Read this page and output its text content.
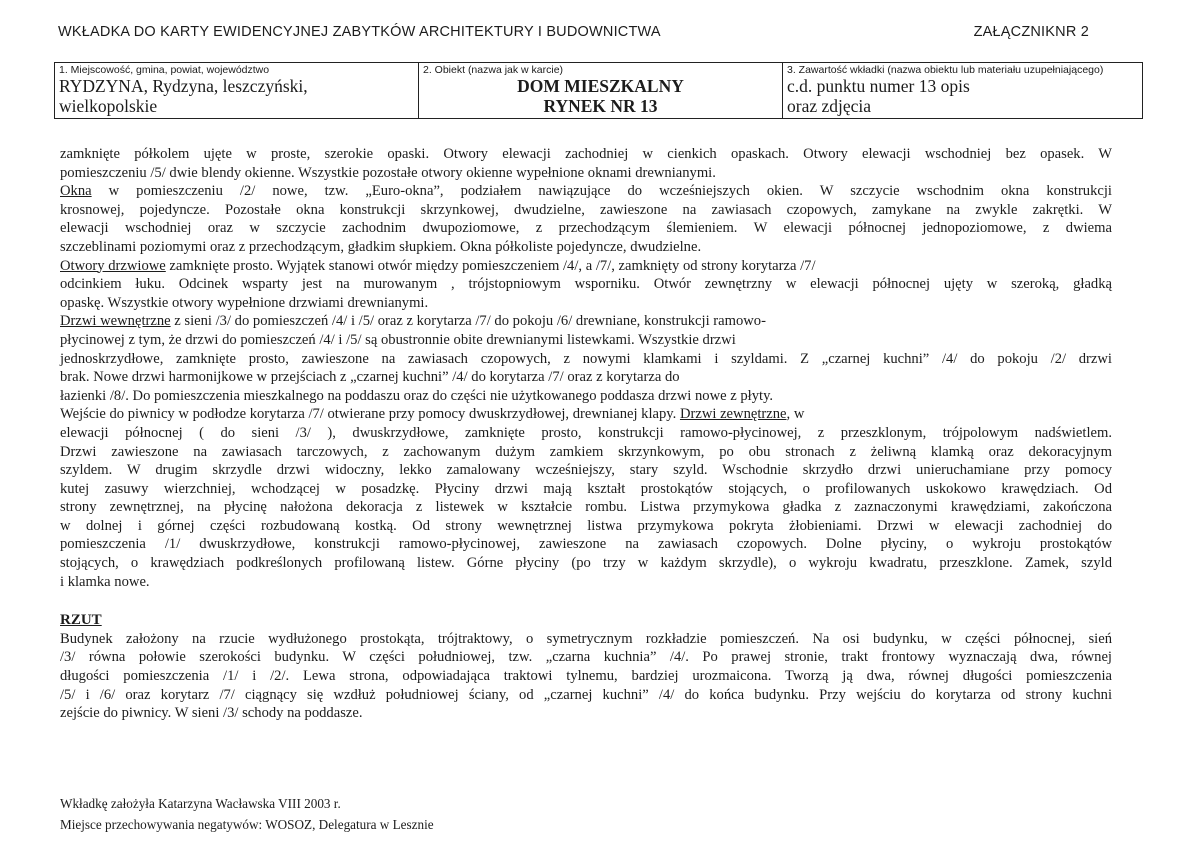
WKŁADKA DO KARTY EWIDENCYJNEJ ZABYTKÓW ARCHITEKTURY I BUDOWNICTWA	ZAŁĄCZNIKNR 2
1. Miejscowość, gmina, powiat, województwo
RYDZYNA, Rydzyna, leszczyński,
wielkopolskie

2. Obiekt (nazwa jak w karcie)
DOM MIESZKALNY
RYNEK NR 13

3. Zawartość wkładki (nazwa obiektu lub materiału uzupełniającego)
c.d. punktu numer 13 opis
oraz zdjęcia

zamknięte półkolem ujęte w proste, szerokie opaski. Otwory elewacji zachodniej w cienkich opaskach. Otwory elewacji wschodniej bez opasek. W

pomieszczeniu /5/ dwie blendy okienne. Wszystkie pozostałe otwory okienne wypełnione oknami drewnianymi.

Okna w pomieszczeniu /2/ nowe, tzw. „Euro-okna”, podziałem nawiązujące do wcześniejszych okien. W szczycie wschodnim okna konstrukcji

krosnowej, pojedyncze. Pozostałe okna konstrukcji skrzynkowej, dwudzielne, zawieszone na zawiasach czopowych, zamykane na zwykle zakrętki. W

elewacji wschodniej oraz w szczycie zachodnim dwupoziomowe, z przechodzącym ślemieniem. W elewacji północnej jednopoziomowe, z dwiema

szczeblinami poziomymi oraz z przechodzącym, gładkim słupkiem. Okna półkoliste pojedyncze, dwudzielne.

Otwory drzwiowe zamknięte prosto. Wyjątek stanowi otwór między pomieszczeniem /4/, a /7/, zamknięty od strony korytarza /7/

odcinkiem łuku. Odcinek wsparty jest na murowanym , trójstopniowym wsporniku. Otwór zewnętrzny w elewacji północnej ujęty w szeroką, gładką

opaskę. Wszystkie otwory wypełnione drzwiami drewnianymi.

Drzwi wewnętrzne z sieni /3/ do pomieszczeń /4/ i /5/ oraz z korytarza /7/ do pokoju /6/ drewniane, konstrukcji ramowo-

płycinowej z tym, że drzwi do pomieszczeń /4/ i /5/ są obustronnie obite drewnianymi listewkami. Wszystkie drzwi

jednoskrzydłowe, zamknięte prosto, zawieszone na zawiasach czopowych, z nowymi klamkami i szyldami. Z „czarnej kuchni” /4/ do pokoju /2/ drzwi

brak. Nowe drzwi harmonijkowe w przejściach z „czarnej kuchni” /4/ do korytarza /7/ oraz z korytarza do

łazienki /8/. Do pomieszczenia mieszkalnego na poddaszu oraz do części nie użytkowanego poddasza drzwi nowe z płyty.

Wejście do piwnicy w podłodze korytarza /7/ otwierane przy pomocy dwuskrzydłowej, drewnianej klapy. Drzwi zewnętrzne, w

elewacji północnej ( do sieni /3/ ), dwuskrzydłowe, zamknięte prosto, konstrukcji ramowo-płycinowej, z przeszklonym, trójpolowym nadświetlem.

Drzwi zawieszone na zawiasach tarczowych, z zachowanym dużym zamkiem skrzynkowym, po obu stronach z żeliwną klamką oraz dekoracyjnym

szyldem. W drugim skrzydle drzwi widoczny, lekko zamalowany wcześniejszy, stary szyld. Wschodnie skrzydło drzwi unieruchamiane przy pomocy

kutej zasuwy wierzchniej, wchodzącej w posadzkę. Płyciny drzwi mają kształt prostokątów stojących, o profilowanych uskokowo krawędziach. Od

strony zewnętrznej, na płycinę nałożona dekoracja z listewek w kształcie rombu. Listwa przymykowa gładka z zaznaczonymi krawędziami, zakończona

w dolnej i górnej części rozbudowaną kostką. Od strony wewnętrznej listwa przymykowa pokryta żłobieniami. Drzwi w elewacji zachodniej do

pomieszczenia /1/ dwuskrzydłowe, konstrukcji ramowo-płycinowej, zawieszone na zawiasach czopowych. Dolne płyciny, o wykroju prostokątów

stojących, o krawędziach podkreślonych profilowaną listew. Górne płyciny (po trzy w każdym skrzydle), o wykroju kwadratu, przeszklone. Zamek, szyld

i klamka nowe.

RZUT

Budynek założony na rzucie wydłużonego prostokąta, trójtraktowy, o symetrycznym rozkładzie pomieszczeń. Na osi budynku, w części północnej, sień

/3/ równa połowie szerokości budynku. W części południowej, tzw. „czarna kuchnia” /4/. Po prawej stronie, trakt frontowy wyznaczają dwa, równej

długości pomieszczenia /1/ i /2/. Lewa strona, odpowiadająca traktowi tylnemu, bardziej urozmaicona. Tworzą ją dwa, równej długości pomieszczenia

/5/ i /6/ oraz korytarz /7/ ciągnący się wzdłuż południowej ściany, od „czarnej kuchni” /4/ do końca budynku. Przy wejściu do korytarza od strony kuchni

zejście do piwnicy. W sieni /3/ schody na poddasze.

Wkładkę założyła Katarzyna Wacławska VIII 2003 r.
Miejsce przechowywania negatywów: WOSOZ, Delegatura w Lesznie
